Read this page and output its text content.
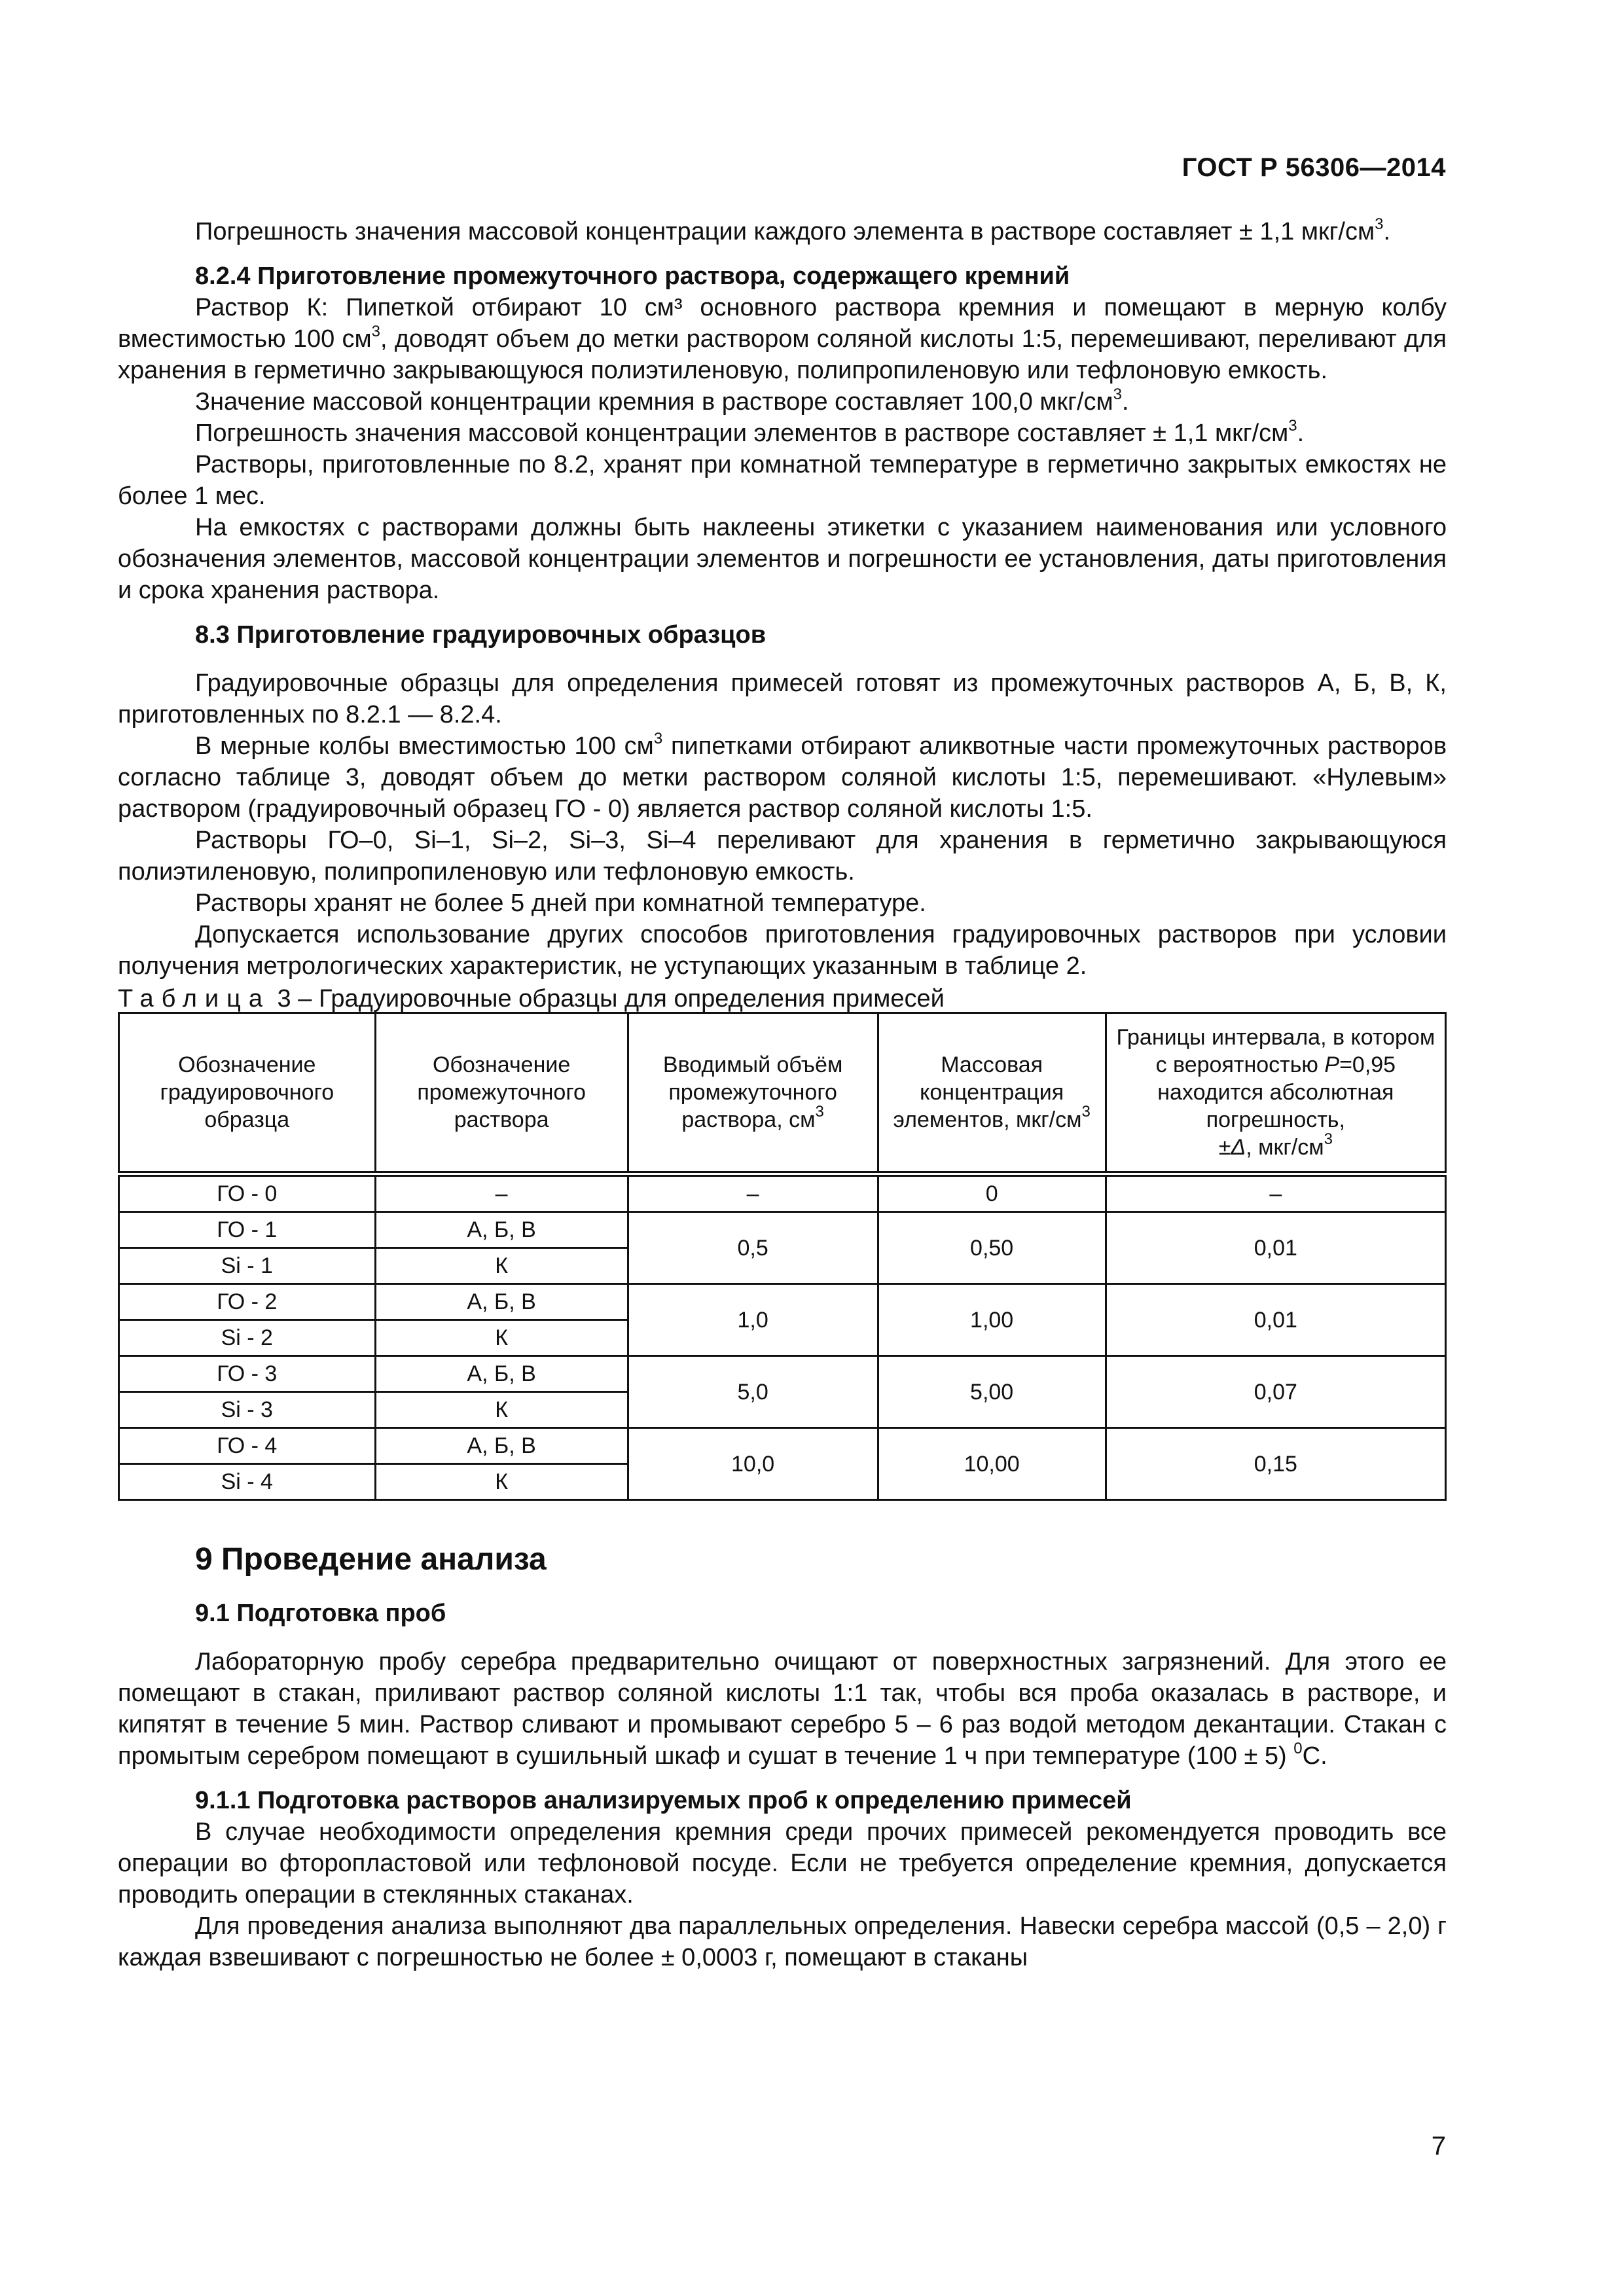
ГОСТ Р 56306—2014

Погрешность значения массовой концентрации каждого элемента в растворе составляет ± 1,1 мкг/$см^3$.

8.2.4 Приготовление промежуточного раствора, содержащего кремний

Раствор К: Пипеткой отбирают 10 см³ основного раствора кремния и помещают в мерную колбу вместимостью 100 $см^3$, доводят объем до метки раствором соляной кислоты 1:5, перемешивают, переливают для хранения в герметично закрывающуюся полиэтиленовую, полипропиленовую или тефлоновую емкость.

Значение массовой концентрации кремния в растворе составляет 100,0 мкг/$см^3$.

Погрешность значения массовой концентрации элементов в растворе составляет ± 1,1 мкг/$см^3$.

Растворы, приготовленные по 8.2, хранят при комнатной температуре в герметично закрытых емкостях не более 1 мес.

На емкостях с растворами должны быть наклеены этикетки с указанием наименования или условного обозначения элементов, массовой концентрации элементов и погрешности ее установления, даты приготовления и срока хранения раствора.

8.3 Приготовление градуировочных образцов

Градуировочные образцы для определения примесей готовят из промежуточных растворов А, Б, В, К, приготовленных по 8.2.1 — 8.2.4.

В мерные колбы вместимостью 100 $см^3$ пипетками отбирают аликвотные части промежуточных растворов согласно таблице 3, доводят объем до метки раствором соляной кислоты 1:5, перемешивают. «Нулевым» раствором (градуировочный образец ГО - 0) является раствор соляной кислоты 1:5.

Растворы ГО–0, Si–1, Si–2, Si–3, Si–4 переливают для хранения в герметично закрывающуюся полиэтиленовую, полипропиленовую или тефлоновую емкость.

Растворы хранят не более 5 дней при комнатной температуре.

Допускается использование других способов приготовления градуировочных растворов при условии получения метрологических характеристик, не уступающих указанным в таблице 2.

Таблица 3 – Градуировочные образцы для определения примесей

Обозначение градуировочного образца	Обозначение промежуточного раствора	Вводимый объём промежуточного раствора, $см^3$	Массовая концентрация элементов, мкг/$см^3$	Границы интервала, в котором с вероятностью P=0,95 находится абсолютная погрешность,
±Δ, мкг/$см^3$
ГО - 0	–	–	0	–
ГО - 1	А, Б, В	0,5	0,50	0,01
Si - 1	К			
ГО - 2	А, Б, В	1,0	1,00	0,01
Si - 2	К			
ГО - 3	А, Б, В	5,0	5,00	0,07
Si - 3	К			
ГО - 4	А, Б, В	10,0	10,00	0,15
Si - 4	К			

9 Проведение анализа

9.1 Подготовка проб

Лабораторную пробу серебра предварительно очищают от поверхностных загрязнений. Для этого ее помещают в стакан, приливают раствор соляной кислоты 1:1 так, чтобы вся проба оказалась в растворе, и кипятят в течение 5 мин. Раствор сливают и промывают серебро 5 – 6 раз водой методом декантации. Стакан с промытым серебром помещают в сушильный шкаф и сушат в течение 1 ч при температуре (100 ± 5) $^0$С.

9.1.1 Подготовка растворов анализируемых проб к определению примесей

В случае необходимости определения кремния среди прочих примесей рекомендуется проводить все операции во фторопластовой или тефлоновой посуде. Если не требуется определение кремния, допускается проводить операции в стеклянных стаканах.

Для проведения анализа выполняют два параллельных определения. Навески серебра массой (0,5 – 2,0) г каждая взвешивают с погрешностью не более ± 0,0003 г, помещают в стаканы

7
